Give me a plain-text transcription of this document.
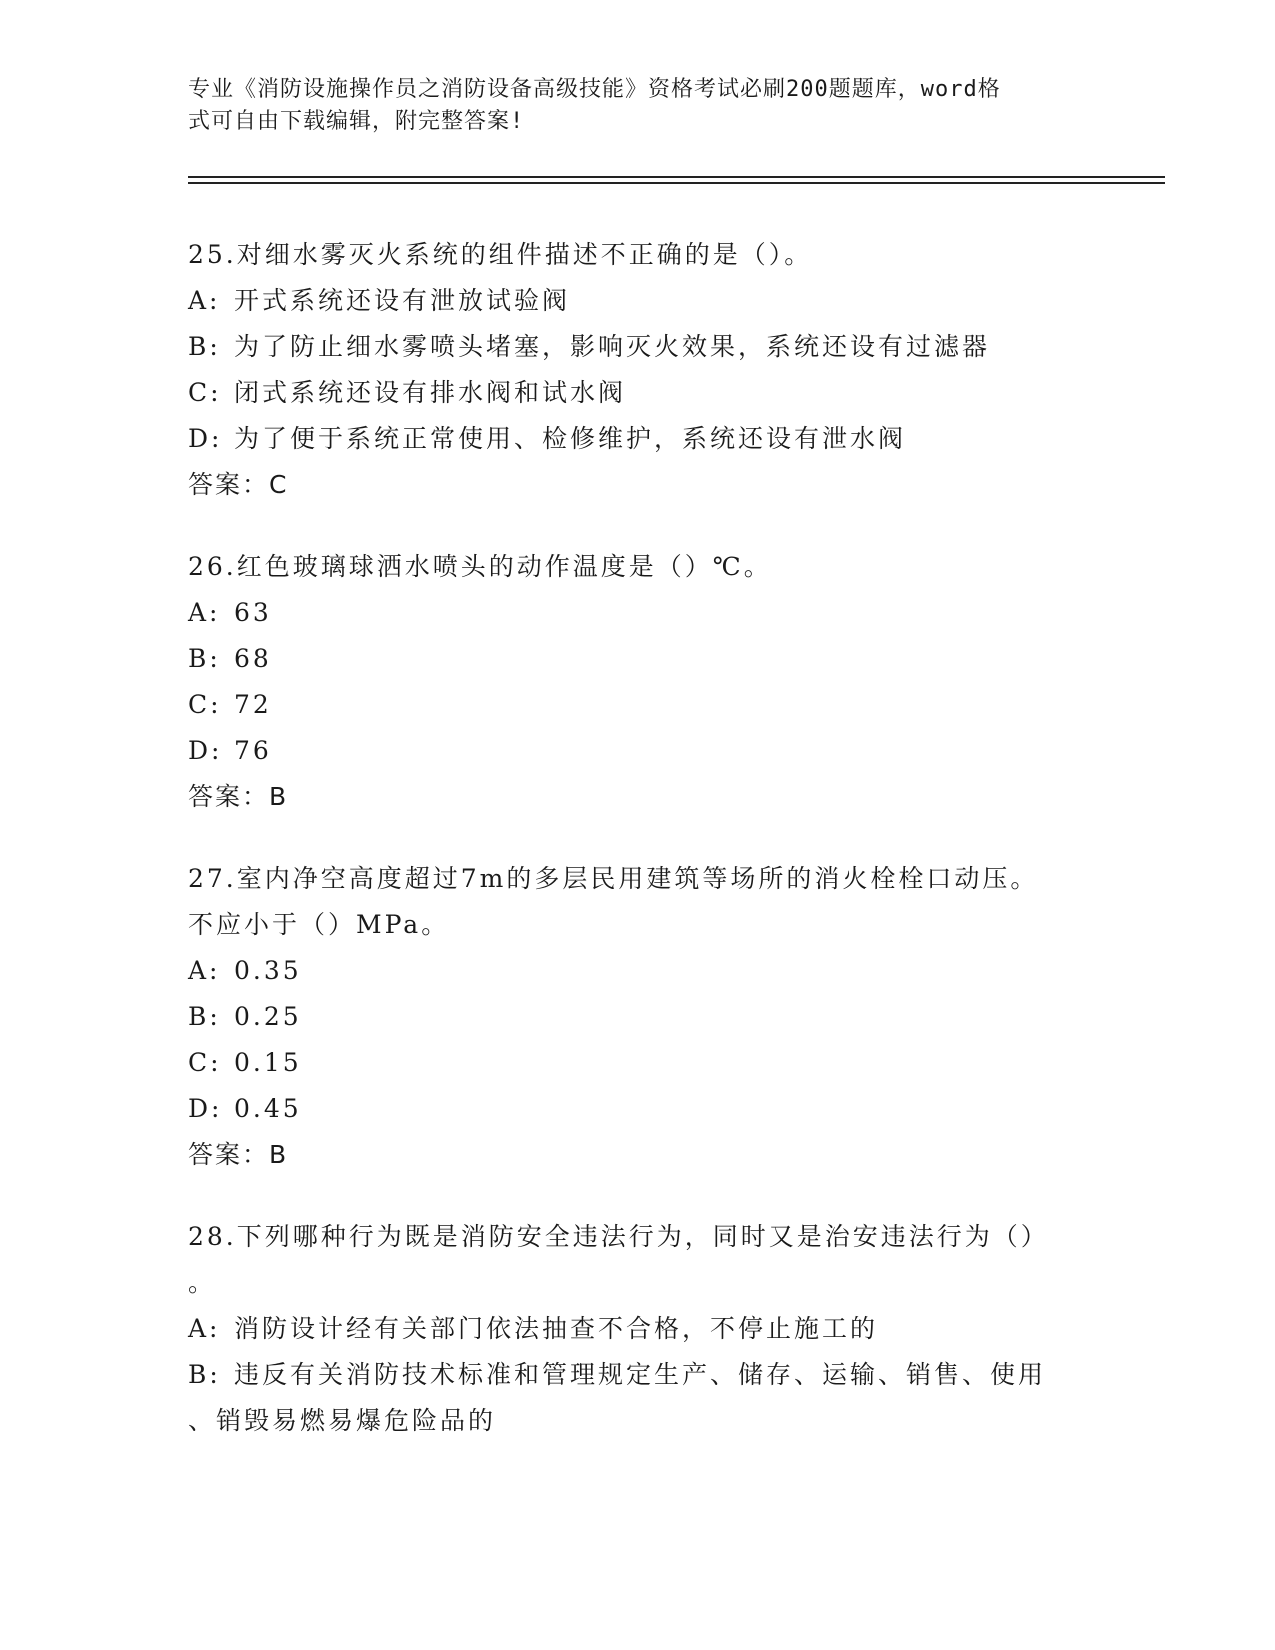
专业《消防设施操作员之消防设备高级技能》资格考试必刷200题题库，word格
式可自由下载编辑，附完整答案!
25.对细水雾灭火系统的组件描述不正确的是（）。
A: 开式系统还设有泄放试验阀
B: 为了防止细水雾喷头堵塞，影响灭火效果，系统还设有过滤器
C: 闭式系统还设有排水阀和试水阀
D: 为了便于系统正常使用、检修维护，系统还设有泄水阀
答案：C
26.红色玻璃球洒水喷头的动作温度是（）℃。
A: 63
B: 68
C: 72
D: 76
答案：B
27.室内净空高度超过7m的多层民用建筑等场所的消火栓栓口动压。
不应小于（）MPa。
A: 0.35
B: 0.25
C: 0.15
D: 0.45
答案：B
28.下列哪种行为既是消防安全违法行为，同时又是治安违法行为（）
。
A: 消防设计经有关部门依法抽查不合格，不停止施工的
B: 违反有关消防技术标准和管理规定生产、储存、运输、销售、使用
、销毁易燃易爆危险品的
